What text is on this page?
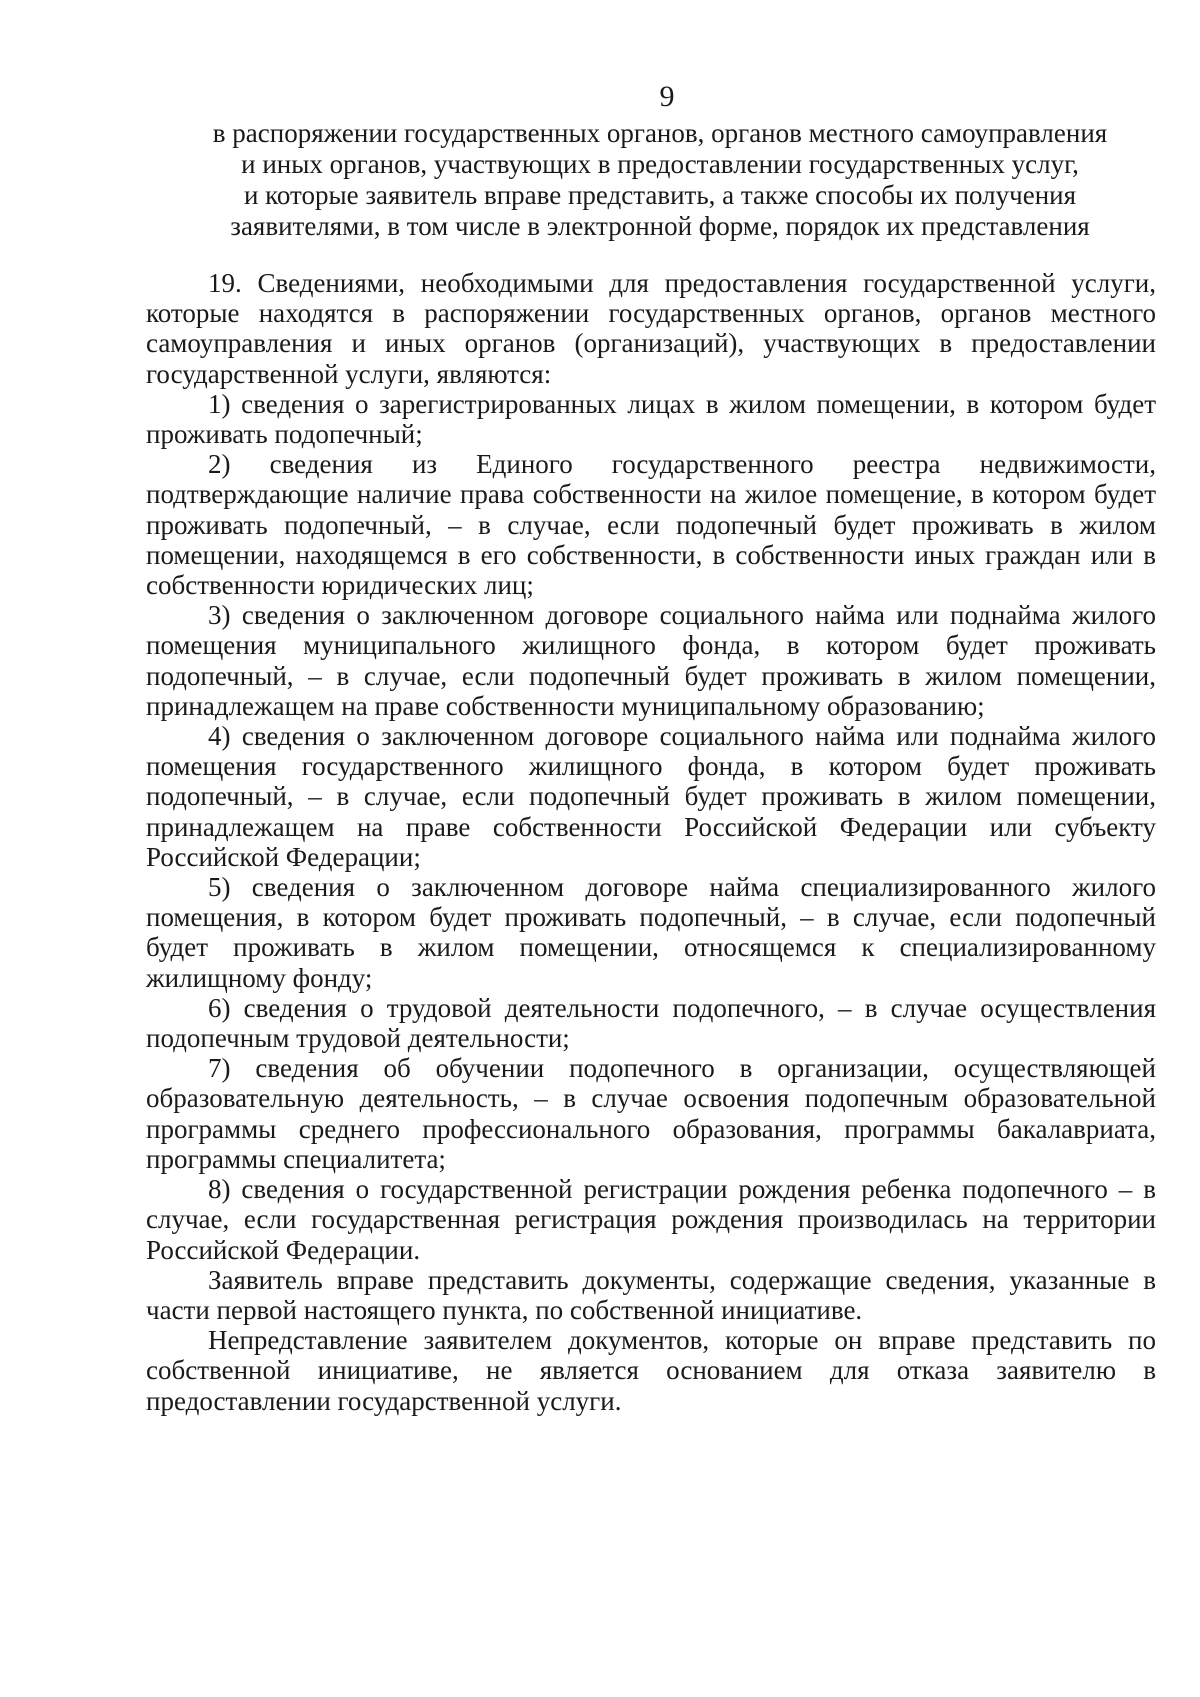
9
в распоряжении государственных органов, органов местного самоуправления
и иных органов, участвующих в предоставлении государственных услуг,
и которые заявитель вправе представить, а также способы их получения
заявителями, в том числе в электронной форме, порядок их представления

19. Сведениями, необходимыми для предоставления государственной услуги, которые находятся в распоряжении государственных органов, органов местного самоуправления и иных органов (организаций), участвующих в предоставлении государственной услуги, являются:

1) сведения о зарегистрированных лицах в жилом помещении, в котором будет проживать подопечный;

2) сведения из Единого государственного реестра недвижимости, подтверждающие наличие права собственности на жилое помещение, в котором будет проживать подопечный, – в случае, если подопечный будет проживать в жилом помещении, находящемся в его собственности, в собственности иных граждан или в собственности юридических лиц;

3) сведения о заключенном договоре социального найма или поднайма жилого помещения муниципального жилищного фонда, в котором будет проживать подопечный, – в случае, если подопечный будет проживать в жилом помещении, принадлежащем на праве собственности муниципальному образованию;

4) сведения о заключенном договоре социального найма или поднайма жилого помещения государственного жилищного фонда, в котором будет проживать подопечный, – в случае, если подопечный будет проживать в жилом помещении, принадлежащем на праве собственности Российской Федерации или субъекту Российской Федерации;

5) сведения о заключенном договоре найма специализированного жилого помещения, в котором будет проживать подопечный, – в случае, если подопечный будет проживать в жилом помещении, относящемся к специализированному жилищному фонду;

6) сведения о трудовой деятельности подопечного, – в случае осуществления подопечным трудовой деятельности;

7) сведения об обучении подопечного в организации, осуществляющей образовательную деятельность, – в случае освоения подопечным образовательной программы среднего профессионального образования, программы бакалавриата, программы специалитета;

8) сведения о государственной регистрации рождения ребенка подопечного – в случае, если государственная регистрация рождения производилась на территории Российской Федерации.

Заявитель вправе представить документы, содержащие сведения, указанные в части первой настоящего пункта, по собственной инициативе.

Непредставление заявителем документов, которые он вправе представить по собственной инициативе, не является основанием для отказа заявителю в предоставлении государственной услуги.
